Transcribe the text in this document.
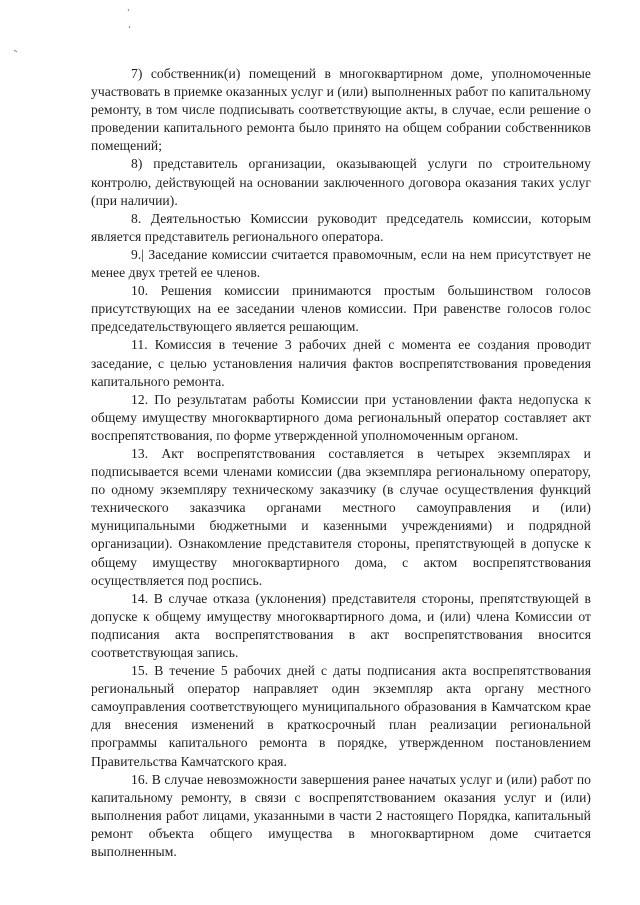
7) собственник(и) помещений в многоквартирном доме, уполномоченные участвовать в приемке оказанных услуг и (или) выполненных работ по капитальному ремонту, в том числе подписывать соответствующие акты, в случае, если решение о проведении капитального ремонта было принято на общем собрании собственников помещений;

8) представитель организации, оказывающей услуги по строительному контролю, действующей на основании заключенного договора оказания таких услуг (при наличии).

8. Деятельностью Комиссии руководит председатель комиссии, которым является представитель регионального оператора.

9.| Заседание комиссии считается правомочным, если на нем присутствует не менее двух третей ее членов.

10. Решения комиссии принимаются простым большинством голосов присутствующих на ее заседании членов комиссии. При равенстве голосов голос председательствующего является решающим.

11. Комиссия в течение 3 рабочих дней с момента ее создания проводит заседание, с целью установления наличия фактов воспрепятствования проведения капитального ремонта.

12. По результатам работы Комиссии при установлении факта недопуска к общему имуществу многоквартирного дома региональный оператор составляет акт воспрепятствования, по форме утвержденной уполномоченным органом.

13. Акт воспрепятствования составляется в четырех экземплярах и подписывается всеми членами комиссии (два экземпляра региональному оператору, по одному экземпляру техническому заказчику (в случае осуществления функций технического заказчика органами местного самоуправления и (или) муниципальными бюджетными и казенными учреждениями) и подрядной организации). Ознакомление представителя стороны, препятствующей в допуске к общему имуществу многоквартирного дома, с актом воспрепятствования осуществляется под роспись.

14. В случае отказа (уклонения) представителя стороны, препятствующей в допуске к общему имуществу многоквартирного дома, и (или) члена Комиссии от подписания акта воспрепятствования в акт воспрепятствования вносится соответствующая запись.

15. В течение 5 рабочих дней с даты подписания акта воспрепятствования региональный оператор направляет один экземпляр акта органу местного самоуправления соответствующего муниципального образования в Камчатском крае для внесения изменений в краткосрочный план реализации региональной программы капитального ремонта в порядке, утвержденном постановлением Правительства Камчатского края.

16. В случае невозможности завершения ранее начатых услуг и (или) работ по капитальному ремонту, в связи с воспрепятствованием оказания услуг и (или) выполнения работ лицами, указанными в части 2 настоящего Порядка, капитальный ремонт объекта общего имущества в многоквартирном доме считается выполненным.
